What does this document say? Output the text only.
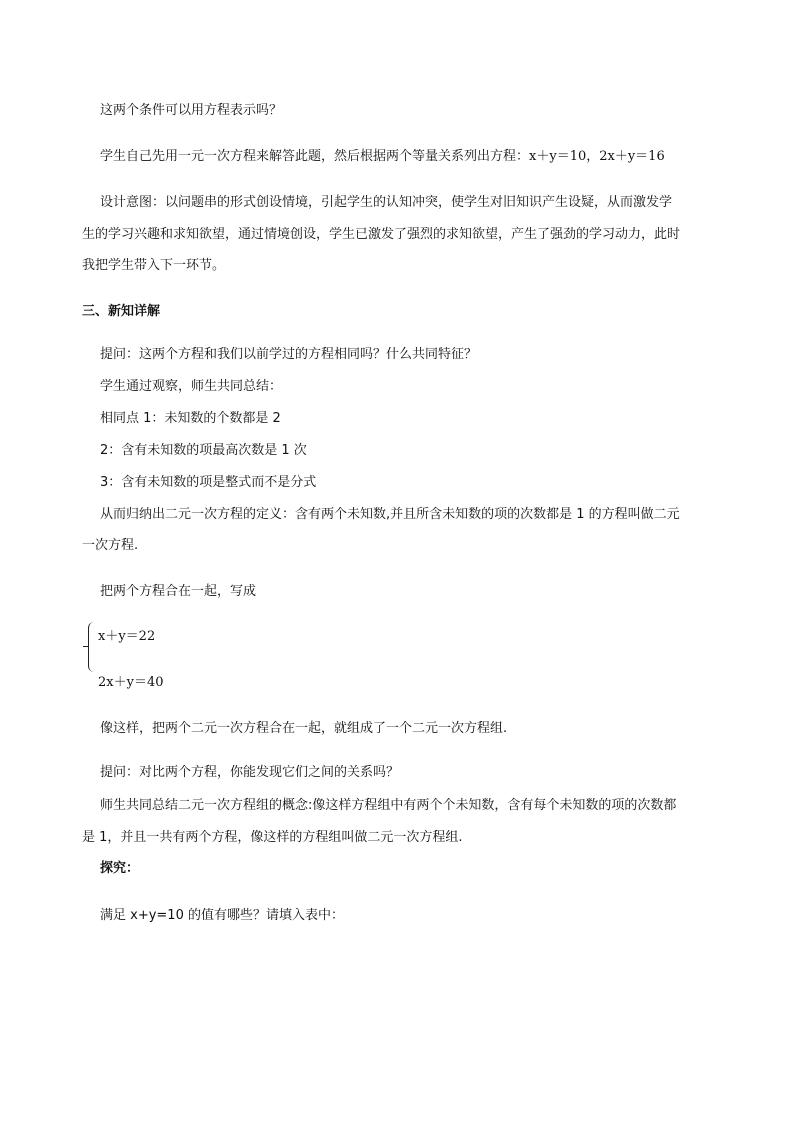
这两个条件可以用方程表示吗？
学生自己先用一元一次方程来解答此题，然后根据两个等量关系列出方程：x＋y＝10，2x＋y＝16
设计意图：以问题串的形式创设情境，引起学生的认知冲突，使学生对旧知识产生设疑，从而激发学
生的学习兴趣和求知欲望，通过情境创设，学生已激发了强烈的求知欲望，产生了强劲的学习动力，此时
我把学生带入下一环节。
三、新知详解
提问：这两个方程和我们以前学过的方程相同吗？什么共同特征？
学生通过观察，师生共同总结：
相同点 1：未知数的个数都是 2
2：含有未知数的项最高次数是 1 次
3：含有未知数的项是整式而不是分式
从而归纳出二元一次方程的定义：含有两个未知数,并且所含未知数的项的次数都是 1 的方程叫做二元
一次方程.
把两个方程合在一起，写成
x＋y＝22
2x＋y＝40
像这样，把两个二元一次方程合在一起，就组成了一个二元一次方程组.
提问：对比两个方程，你能发现它们之间的关系吗？
师生共同总结二元一次方程组的概念:像这样方程组中有两个个未知数，含有每个未知数的项的次数都
是 1，并且一共有两个方程，像这样的方程组叫做二元一次方程组.
探究：
满足 x+y=10 的值有哪些？请填入表中：
